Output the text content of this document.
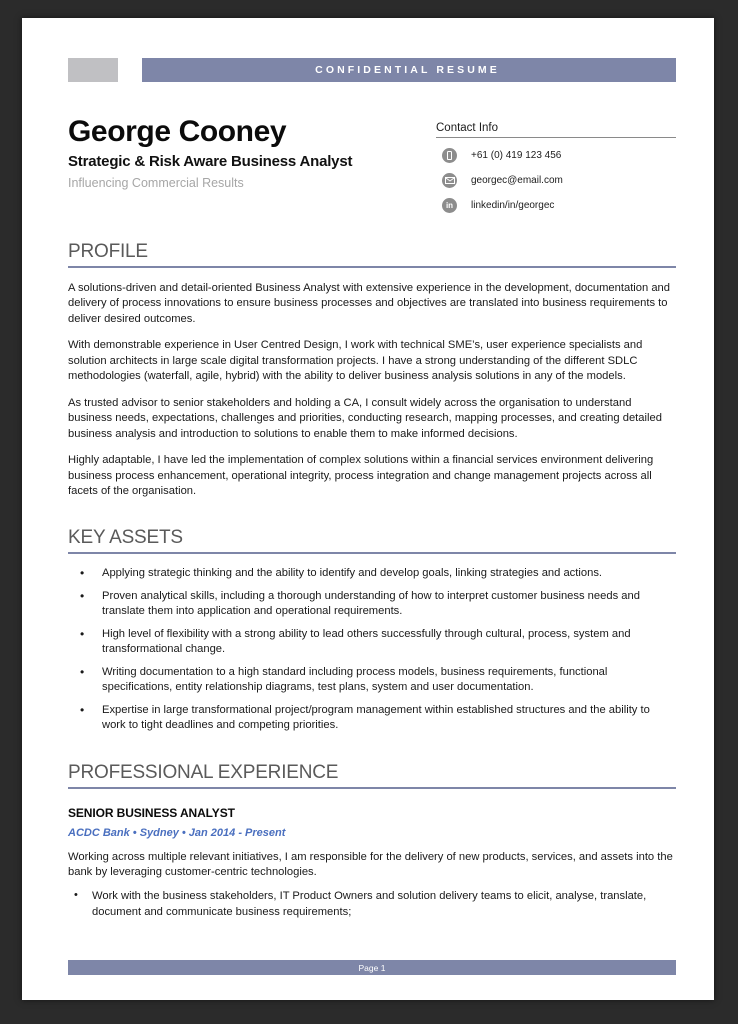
CONFIDENTIAL RESUME
George Cooney
Strategic & Risk Aware Business Analyst
Influencing Commercial Results
Contact Info
+61 (0) 419 123 456
georgec@email.com
in linkedin/in/georgec
PROFILE

A solutions-driven and detail-oriented Business Analyst with extensive experience in the development, documentation and delivery of process innovations to ensure business processes and objectives are translated into business requirements to deliver desired outcomes.

With demonstrable experience in User Centred Design, I work with technical SME’s, user experience specialists and solution architects in large scale digital transformation projects. I have a strong understanding of the different SDLC methodologies (waterfall, agile, hybrid) with the ability to deliver business analysis solutions in any of the models.

As trusted advisor to senior stakeholders and holding a CA, I consult widely across the organisation to understand business needs, expectations, challenges and priorities, conducting research, mapping processes, and creating detailed business analysis and introduction to solutions to enable them to make informed decisions.

Highly adaptable, I have led the implementation of complex solutions within a financial services environment delivering business process enhancement, operational integrity, process integration and change management projects across all facets of the organisation.

KEY ASSETS
• Applying strategic thinking and the ability to identify and develop goals, linking strategies and actions.
• Proven analytical skills, including a thorough understanding of how to interpret customer business needs and translate them into application and operational requirements.
• High level of flexibility with a strong ability to lead others successfully through cultural, process, system and transformational change.
• Writing documentation to a high standard including process models, business requirements, functional specifications, entity relationship diagrams, test plans, system and user documentation.
• Expertise in large transformational project/program management within established structures and the ability to work to tight deadlines and competing priorities.
PROFESSIONAL EXPERIENCE
SENIOR BUSINESS ANALYST
ACDC Bank • Sydney • Jan 2014 - Present

Working across multiple relevant initiatives, I am responsible for the delivery of new products, services, and assets into the bank by leveraging customer-centric technologies.

• Work with the business stakeholders, IT Product Owners and solution delivery teams to elicit, analyse, translate, document and communicate business requirements;
Page 1
